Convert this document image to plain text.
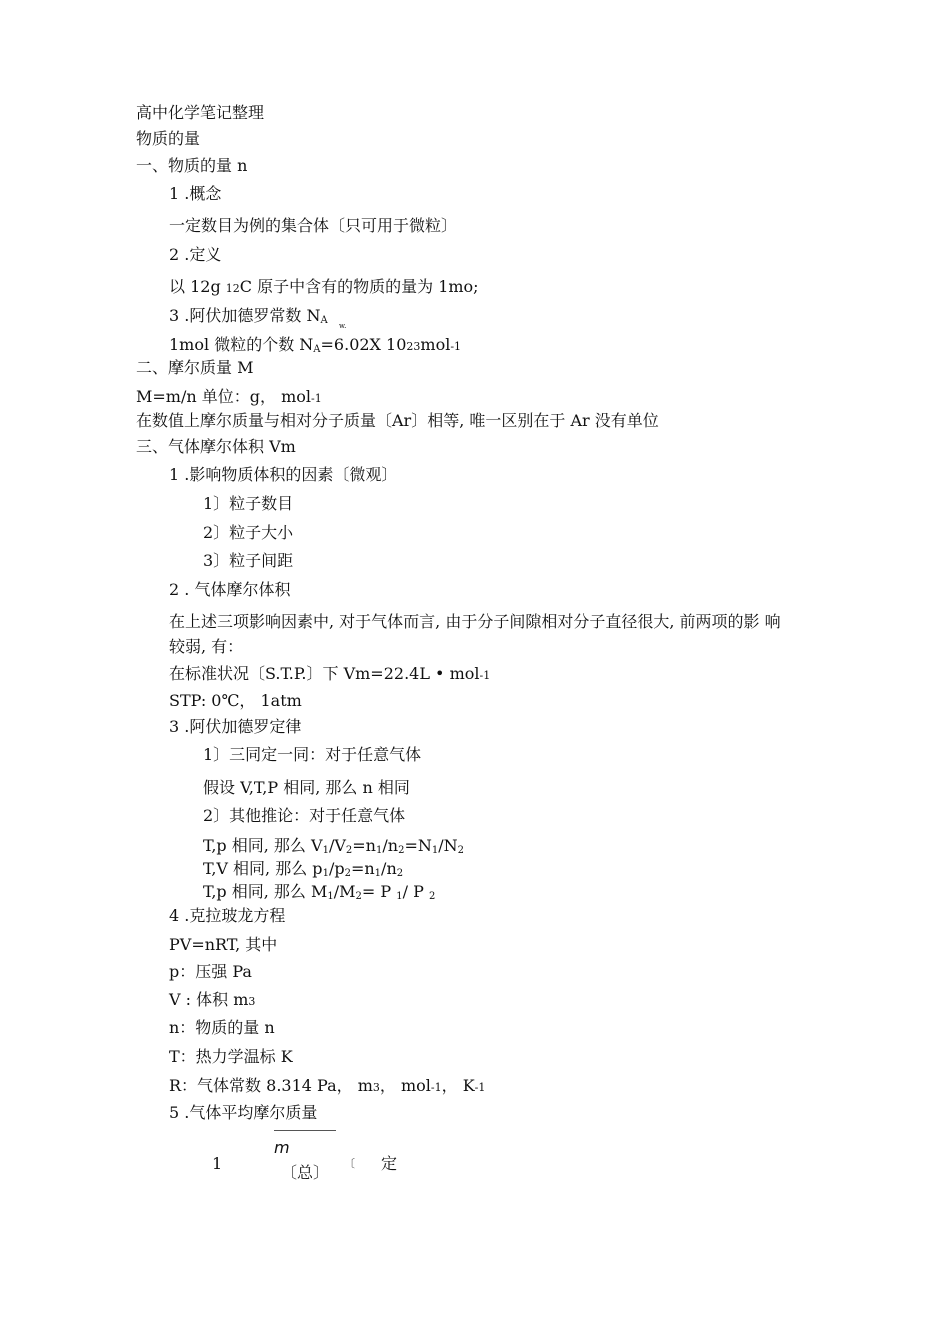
高中化学笔记整理
物质的量
一、物质的量 n
1 .概念
一定数目为例的集合体〔只可用于微粒〕
2 .定义
以 12g 12C 原子中含有的物质的量为 1mo;
3 .阿伏加德罗常数 $N_A$ w.
1mol 微粒的个数 $N_A=6.02X$ 1023mol-1
二、摩尔质量 M
M=m/n 单位：g， mol-1
在数值上摩尔质量与相对分子质量〔Ar〕相等, 唯一区别在于 Ar 没有单位
三、气体摩尔体积 Vm
1 .影响物质体积的因素〔微观〕
1〕粒子数目
2〕粒子大小
3〕粒子间距
2 . 气体摩尔体积
在上述三项影响因素中, 对于气体而言, 由于分子间隙相对分子直径很大, 前两项的影 响
较弱, 有：
在标准状况〔S.T.P.〕下 Vm=22.4L • mol-1
STP: 0℃， 1atm
3 .阿伏加德罗定律
1〕三同定一同：对于任意气体
假设 V,T,P 相同, 那么 n 相同
2〕其他推论：对于任意气体
T,p 相同, 那么 $V_1/V_2=n_1/n_2=N_1/N_2$
T,V 相同, 那么 $p_1/p_2=n_1/n_2$
T,p 相同, 那么 $M_1/M_2= P$ $_1$/ P $_2$
4 .克拉玻龙方程
PV=nRT, 其中
p：压强 Pa
V : 体积 m3
n：物质的量 n
T：热力学温标 K
R：气体常数 8.314 Pa， m3， mol-1， K-1
5 .气体平均摩尔质量
m
1	〔总〕 〔 定
